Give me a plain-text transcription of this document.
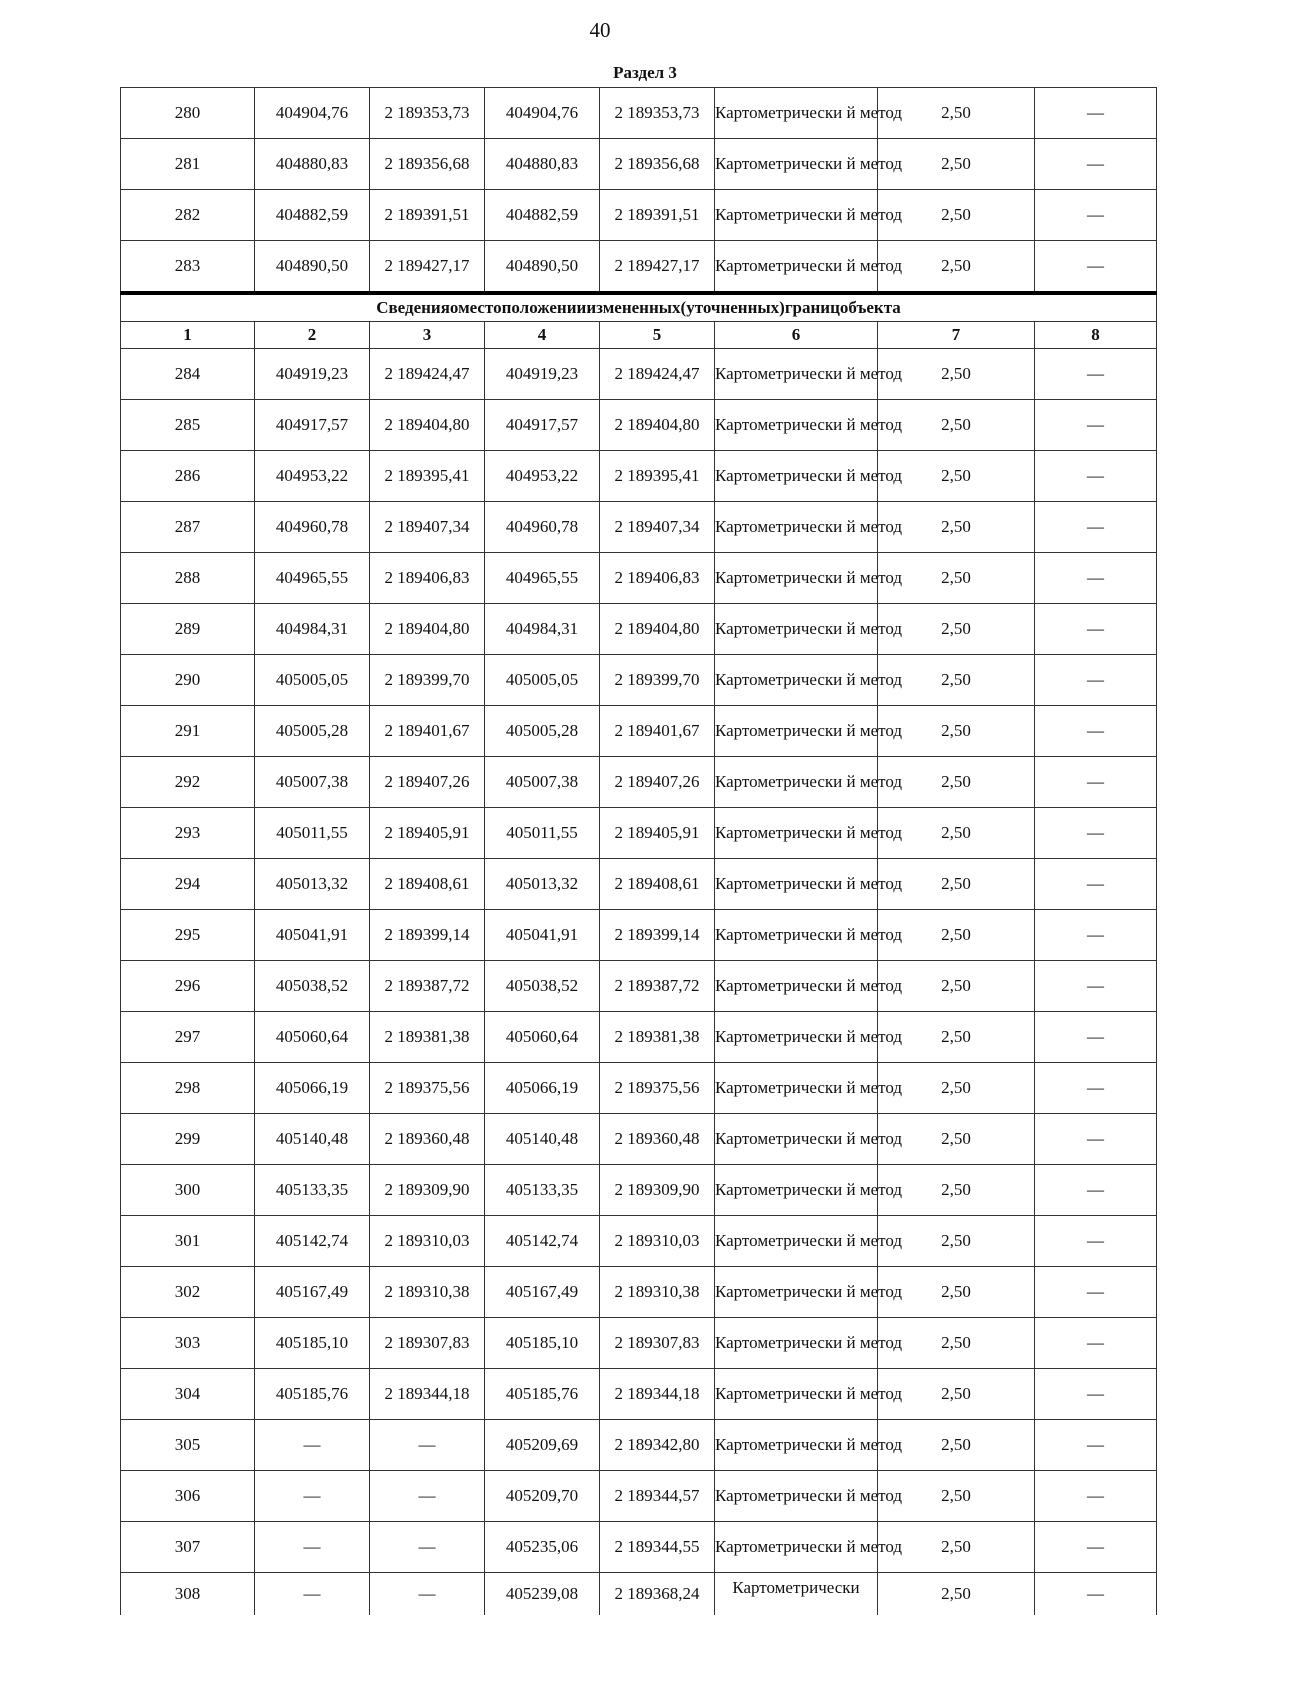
40
Раздел 3
280	404904,76	2 189353,73	404904,76	2 189353,73	Картометрически й метод	2,50	—
281	404880,83	2 189356,68	404880,83	2 189356,68	Картометрически й метод	2,50	—
282	404882,59	2 189391,51	404882,59	2 189391,51	Картометрически й метод	2,50	—
283	404890,50	2 189427,17	404890,50	2 189427,17	Картометрически й метод	2,50	—
Сведенияоместоположенииизмененных(уточненных)границобъекта							
1	2	3	4	5	6	7	8
284	404919,23	2 189424,47	404919,23	2 189424,47	Картометрически й метод	2,50	—
285	404917,57	2 189404,80	404917,57	2 189404,80	Картометрически й метод	2,50	—
286	404953,22	2 189395,41	404953,22	2 189395,41	Картометрически й метод	2,50	—
287	404960,78	2 189407,34	404960,78	2 189407,34	Картометрически й метод	2,50	—
288	404965,55	2 189406,83	404965,55	2 189406,83	Картометрически й метод	2,50	—
289	404984,31	2 189404,80	404984,31	2 189404,80	Картометрически й метод	2,50	—
290	405005,05	2 189399,70	405005,05	2 189399,70	Картометрически й метод	2,50	—
291	405005,28	2 189401,67	405005,28	2 189401,67	Картометрически й метод	2,50	—
292	405007,38	2 189407,26	405007,38	2 189407,26	Картометрически й метод	2,50	—
293	405011,55	2 189405,91	405011,55	2 189405,91	Картометрически й метод	2,50	—
294	405013,32	2 189408,61	405013,32	2 189408,61	Картометрически й метод	2,50	—
295	405041,91	2 189399,14	405041,91	2 189399,14	Картометрически й метод	2,50	—
296	405038,52	2 189387,72	405038,52	2 189387,72	Картометрически й метод	2,50	—
297	405060,64	2 189381,38	405060,64	2 189381,38	Картометрически й метод	2,50	—
298	405066,19	2 189375,56	405066,19	2 189375,56	Картометрически й метод	2,50	—
299	405140,48	2 189360,48	405140,48	2 189360,48	Картометрически й метод	2,50	—
300	405133,35	2 189309,90	405133,35	2 189309,90	Картометрически й метод	2,50	—
301	405142,74	2 189310,03	405142,74	2 189310,03	Картометрически й метод	2,50	—
302	405167,49	2 189310,38	405167,49	2 189310,38	Картометрически й метод	2,50	—
303	405185,10	2 189307,83	405185,10	2 189307,83	Картометрически й метод	2,50	—
304	405185,76	2 189344,18	405185,76	2 189344,18	Картометрически й метод	2,50	—
305	—	—	405209,69	2 189342,80	Картометрически й метод	2,50	—
306	—	—	405209,70	2 189344,57	Картометрически й метод	2,50	—
307	—	—	405235,06	2 189344,55	Картометрически й метод	2,50	—
308	—	—	405239,08	2 189368,24	Картометрически	2,50	—
